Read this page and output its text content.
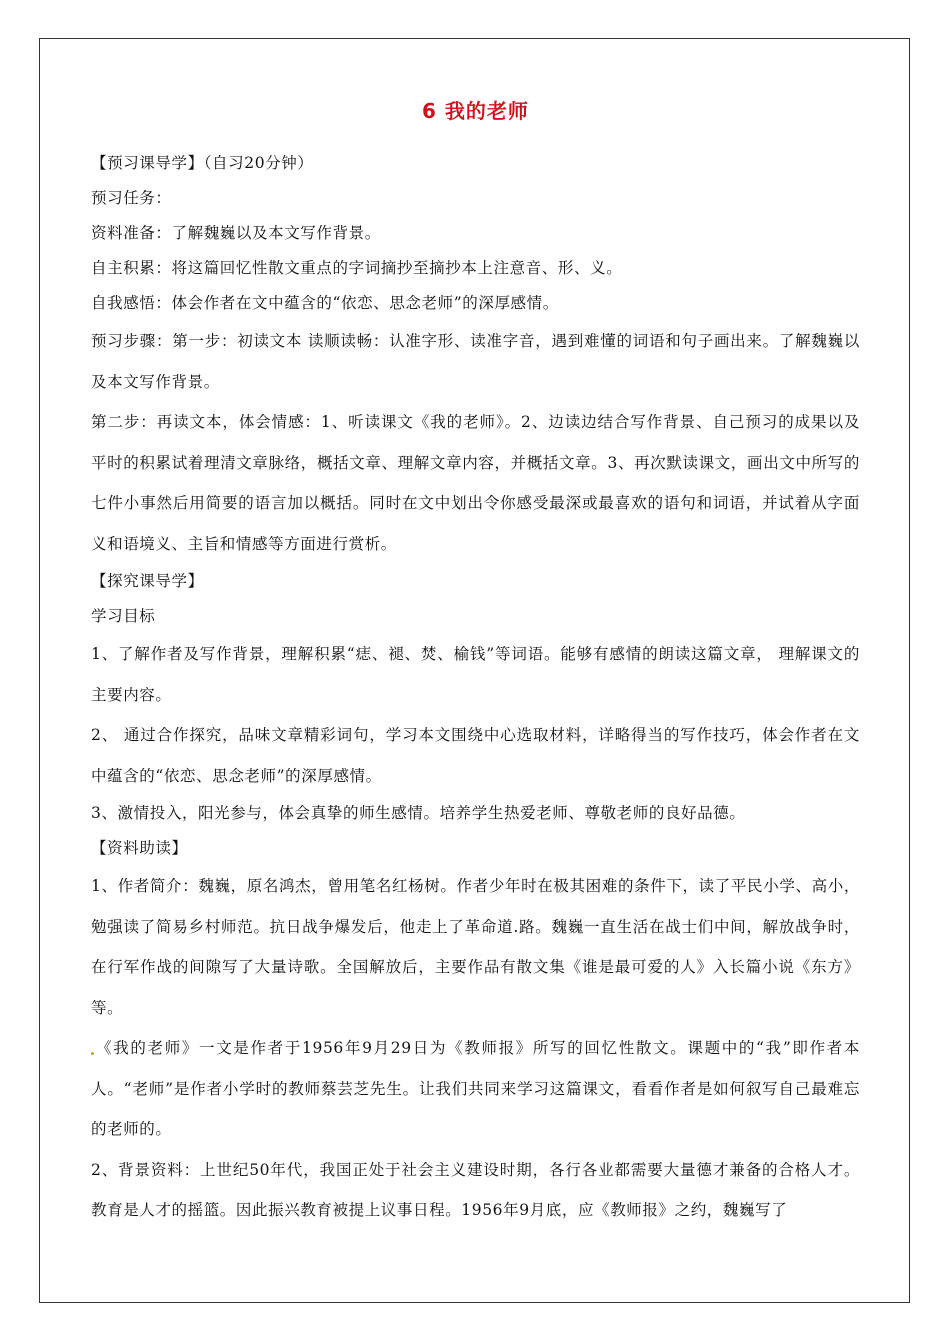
6 我的老师

【预习课导学】（自习20分钟）

预习任务：

资料准备：了解魏巍以及本文写作背景。

自主积累：将这篇回忆性散文重点的字词摘抄至摘抄本上注意音、形、义。

自我感悟：体会作者在文中蕴含的“依恋、思念老师”的深厚感情。

预习步骤：第一步：初读文本 读顺读畅：认准字形、读准字音，遇到难懂的词语和句子画出来。了解魏巍以及本文写作背景。

第二步：再读文本，体会情感：1、听读课文《我的老师》。2、边读边结合写作背景、自己预习的成果以及平时的积累试着理清文章脉络，概括文章、理解文章内容，并概括文章。3、再次默读课文，画出文中所写的七件小事然后用简要的语言加以概括。同时在文中划出令你感受最深或最喜欢的语句和词语，并试着从字面义和语境义、主旨和情感等方面进行赏析。

【探究课导学】

学习目标

1、了解作者及写作背景，理解积累“痣、褪、焚、榆钱”等词语。能够有感情的朗读这篇文章， 理解课文的主要内容。

2、 通过合作探究，品味文章精彩词句，学习本文围绕中心选取材料，详略得当的写作技巧，体会作者在文中蕴含的“依恋、思念老师”的深厚感情。

3、激情投入，阳光参与，体会真挚的师生感情。培养学生热爱老师、尊敬老师的良好品德。

【资料助读】

1、作者简介：魏巍，原名鸿杰，曾用笔名红杨树。作者少年时在极其困难的条件下，读了平民小学、高小，勉强读了简易乡村师范。抗日战争爆发后，他走上了革命道.路。魏巍一直生活在战士们中间，解放战争时，在行军作战的间隙写了大量诗歌。全国解放后，主要作品有散文集《谁是最可爱的人》入长篇小说《东方》等。

《我的老师》一文是作者于1956年9月29日为《教师报》所写的回忆性散文。课题中的“我”即作者本人。“老师”是作者小学时的教师蔡芸芝先生。让我们共同来学习这篇课文，看看作者是如何叙写自己最难忘的老师的。

2、背景资料：上世纪50年代，我国正处于社会主义建设时期，各行各业都需要大量德才兼备的合格人才。教育是人才的摇篮。因此振兴教育被提上议事日程。1956年9月底，应《教师报》之约，魏巍写了
